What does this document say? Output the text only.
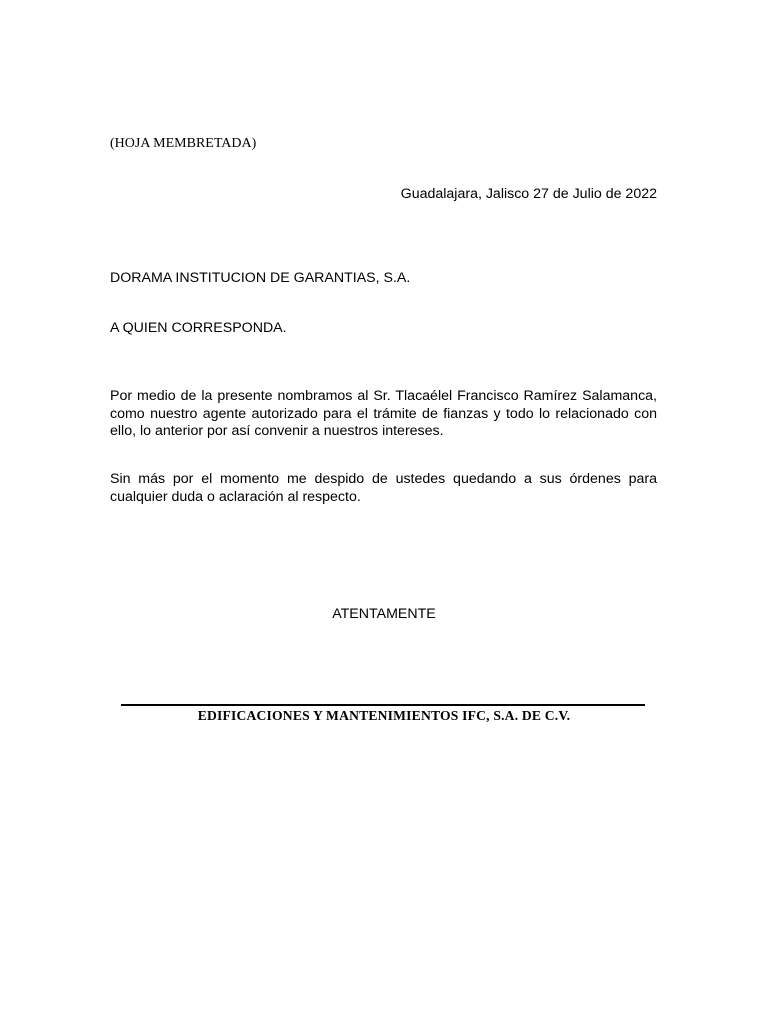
(HOJA MEMBRETADA)
Guadalajara, Jalisco 27 de Julio de 2022
DORAMA INSTITUCION DE GARANTIAS, S.A.
A QUIEN CORRESPONDA.
Por medio de la presente nombramos al Sr. Tlacaélel Francisco Ramírez Salamanca, como nuestro agente autorizado para el trámite de fianzas y todo lo relacionado con ello, lo anterior por así convenir a nuestros intereses.
Sin más por el momento me despido de ustedes quedando a sus órdenes para cualquier duda o aclaración al respecto.
ATENTAMENTE
EDIFICACIONES Y MANTENIMIENTOS IFC, S.A. DE C.V.
